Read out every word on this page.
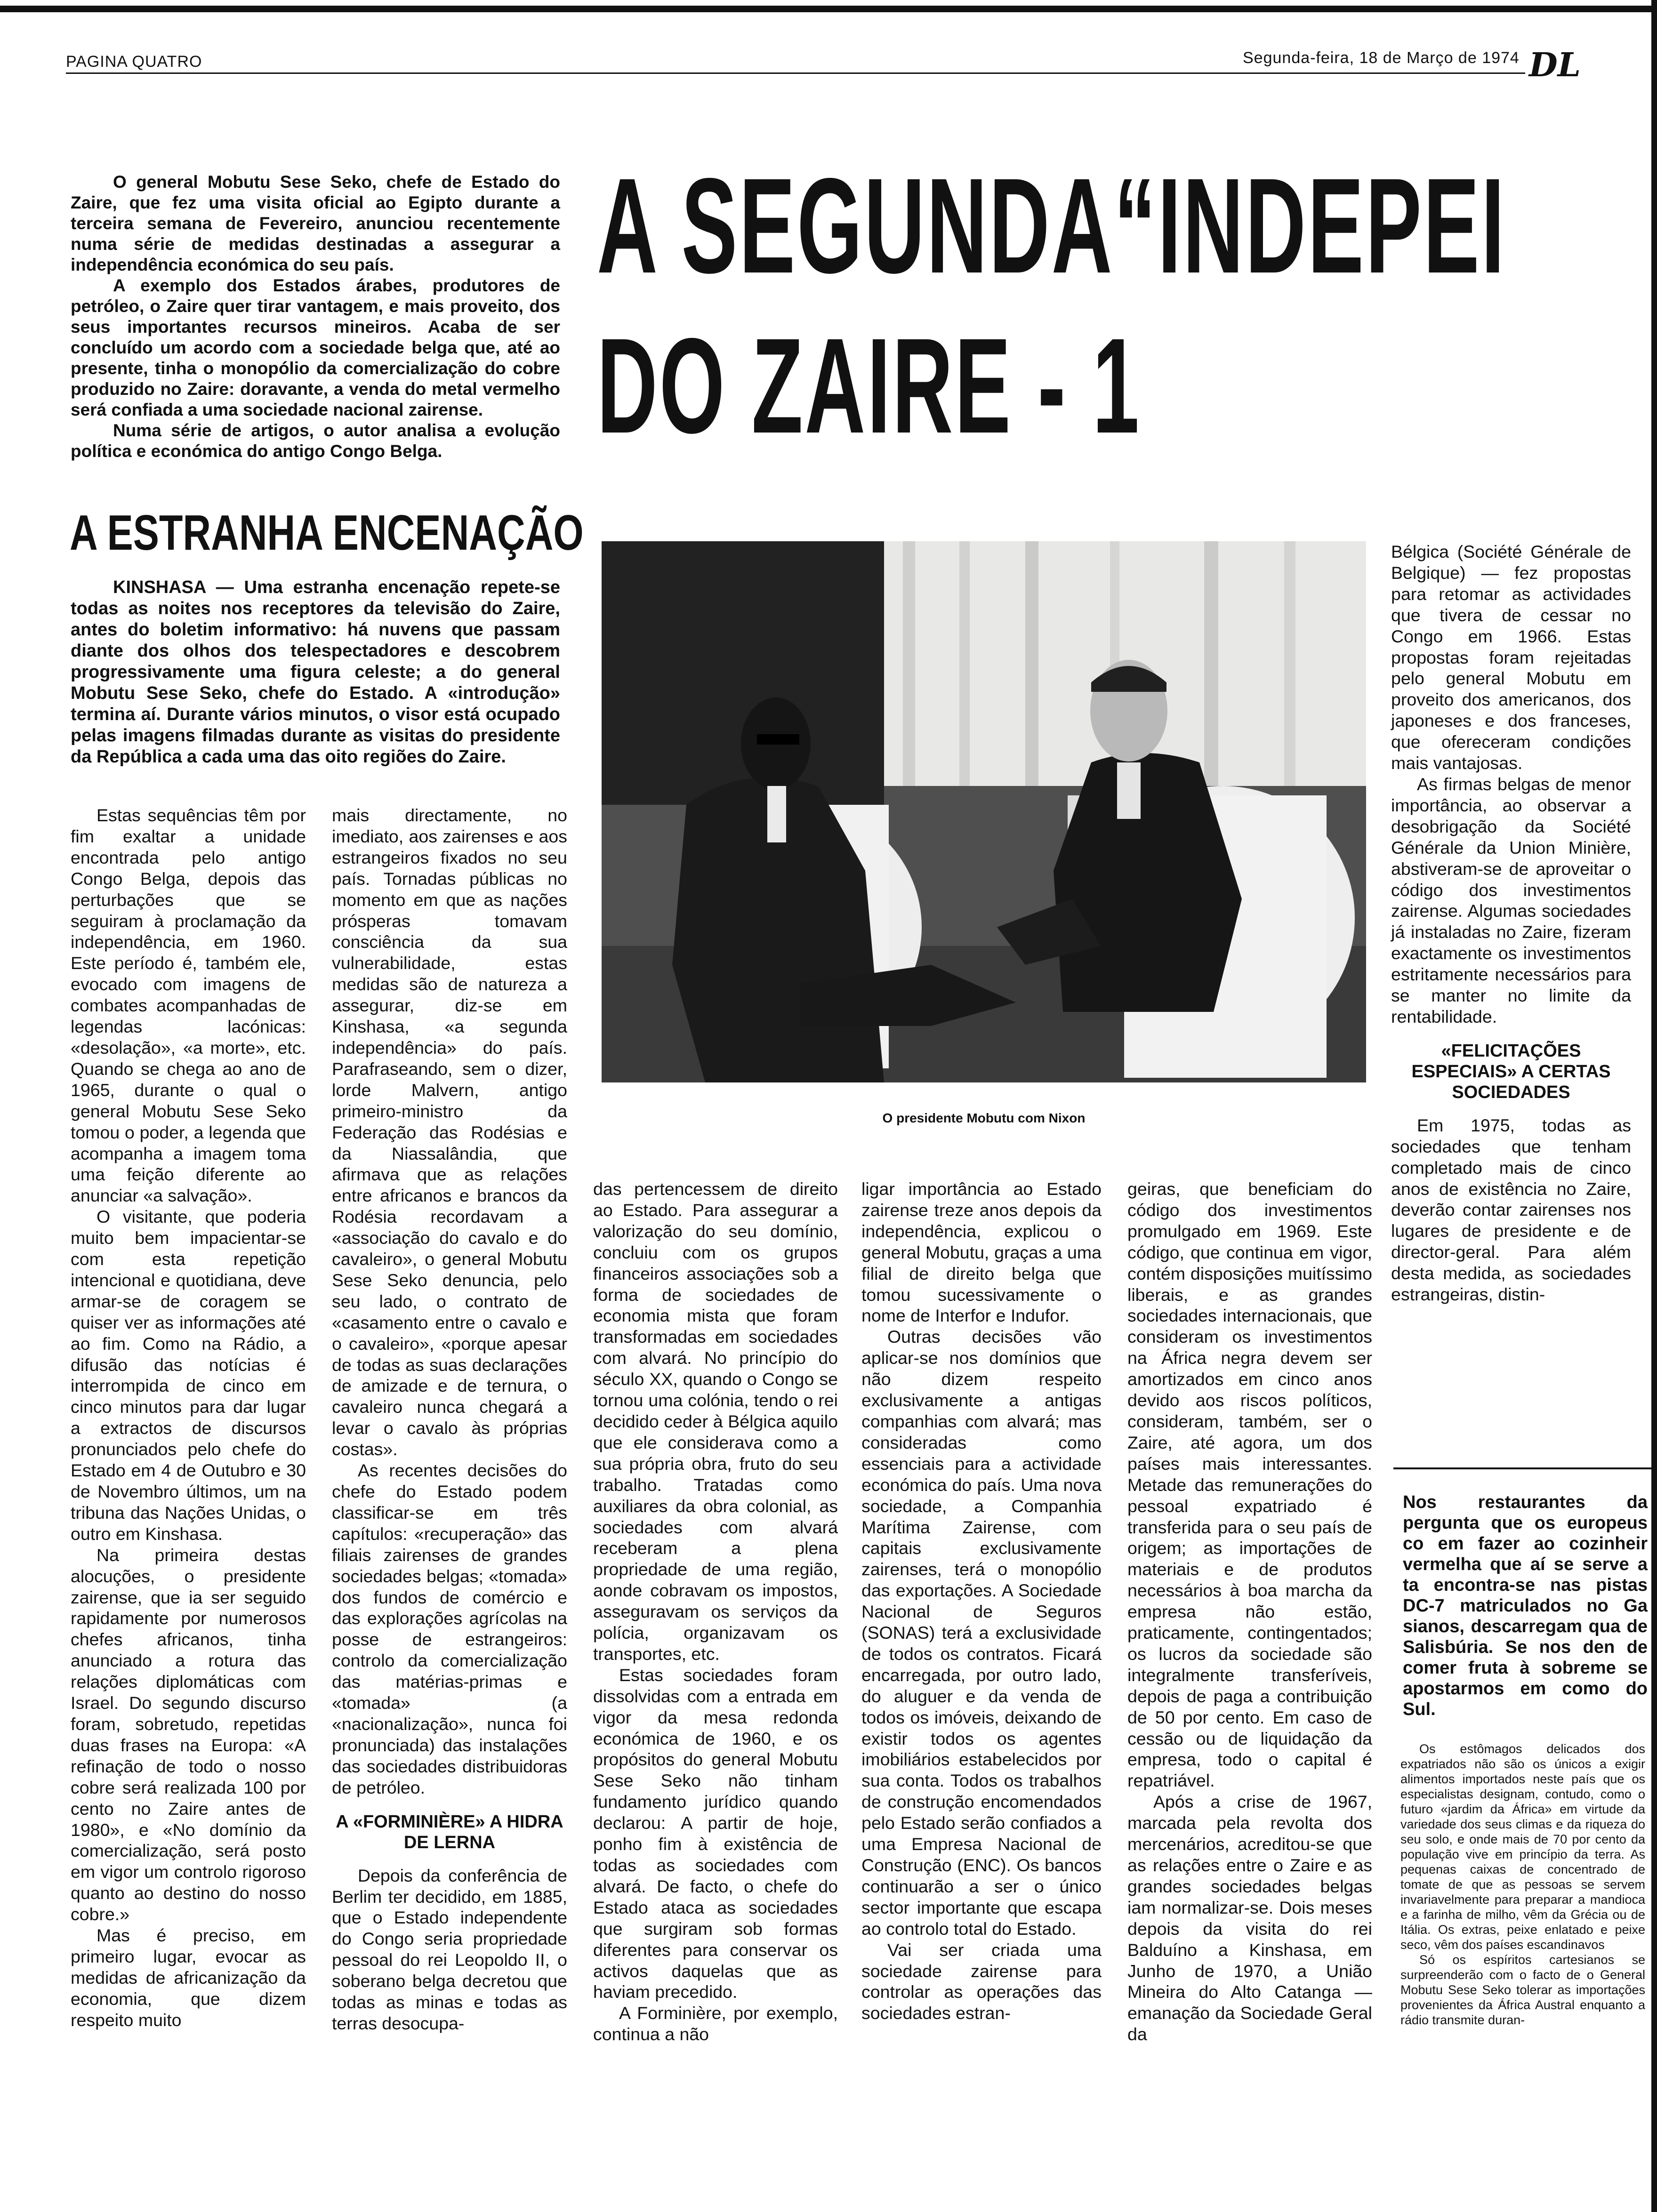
PAGINA QUATRO	Segunda-feira, 18 de Março de 1974 DL

O general Mobutu Sese Seko, chefe de Estado do Zaire, que fez uma visita oficial ao Egipto durante a terceira semana de Fevereiro, anunciou recentemente numa série de medidas destinadas a assegurar a independência económica do seu país.

A exemplo dos Estados árabes, produtores de petróleo, o Zaire quer tirar vantagem, e mais proveito, dos seus importantes recursos mineiros. Acaba de ser concluído um acordo com a sociedade belga que, até ao presente, tinha o monopólio da comercialização do cobre produzido no Zaire: doravante, a venda do metal vermelho será confiada a uma sociedade nacional zairense.

Numa série de artigos, o autor analisa a evolução política e económica do antigo Congo Belga.

A SEGUNDA“INDEPEI
DO ZAIRE - 1
A ESTRANHA ENCENAÇÃO

KINSHASA — Uma estranha encenação repete-se todas as noites nos receptores da televisão do Zaire, antes do boletim informativo: há nuvens que passam diante dos olhos dos telespectadores e descobrem progressivamente uma figura celeste; a do general Mobutu Sese Seko, chefe do Estado. A «introdução» termina aí. Durante vários minutos, o visor está ocupado pelas imagens filmadas durante as visitas do presidente da República a cada uma das oito regiões do Zaire.

O presidente Mobutu com Nixon

Estas sequências têm por fim exaltar a unidade encontrada pelo antigo Congo Belga, depois das perturbações que se seguiram à proclamação da independência, em 1960. Este período é, também ele, evocado com imagens de combates acompanhadas de legendas lacónicas: «desolação», «a morte», etc. Quando se chega ao ano de 1965, durante o qual o general Mobutu Sese Seko tomou o poder, a legenda que acompanha a imagem toma uma feição diferente ao anunciar «a salvação».

O visitante, que poderia muito bem impacientar-se com esta repetição intencional e quotidiana, deve armar-se de coragem se quiser ver as informações até ao fim. Como na Rádio, a difusão das notícias é interrompida de cinco em cinco minutos para dar lugar a extractos de discursos pronunciados pelo chefe do Estado em 4 de Outubro e 30 de Novembro últimos, um na tribuna das Nações Unidas, o outro em Kinshasa.

Na primeira destas alocuções, o presidente zairense, que ia ser seguido rapidamente por numerosos chefes africanos, tinha anunciado a rotura das relações diplomáticas com Israel. Do segundo discurso foram, sobretudo, repetidas duas frases na Europa: «A refinação de todo o nosso cobre será realizada 100 por cento no Zaire antes de 1980», e «No domínio da comercialização, será posto em vigor um controlo rigoroso quanto ao destino do nosso cobre.»

Mas é preciso, em primeiro lugar, evocar as medidas de africanização da economia, que dizem respeito muito

mais directamente, no imediato, aos zairenses e aos estrangeiros fixados no seu país. Tornadas públicas no momento em que as nações prósperas tomavam consciência da sua vulnerabilidade, estas medidas são de natureza a assegurar, diz-se em Kinshasa, «a segunda independência» do país. Parafraseando, sem o dizer, lorde Malvern, antigo primeiro-ministro da Federação das Rodésias e da Niassalândia, que afirmava que as relações entre africanos e brancos da Rodésia recordavam a «associação do cavalo e do cavaleiro», o general Mobutu Sese Seko denuncia, pelo seu lado, o contrato de «casamento entre o cavalo e o cavaleiro», «porque apesar de todas as suas declarações de amizade e de ternura, o cavaleiro nunca chegará a levar o cavalo às próprias costas».

As recentes decisões do chefe do Estado podem classificar-se em três capítulos: «recuperação» das filiais zairenses de grandes sociedades belgas; «tomada» dos fundos de comércio e das explorações agrícolas na posse de estrangeiros: controlo da comercialização das matérias-primas e «tomada» (a «nacionalização», nunca foi pronunciada) das instalações das sociedades distribuidoras de petróleo.

A «FORMINIÈRE» A HIDRA DE LERNA

Depois da conferência de Berlim ter decidido, em 1885, que o Estado independente do Congo seria propriedade pessoal do rei Leopoldo II, o soberano belga decretou que todas as minas e todas as terras desocupa-

das pertencessem de direito ao Estado. Para assegurar a valorização do seu domínio, concluiu com os grupos financeiros associações sob a forma de sociedades de economia mista que foram transformadas em sociedades com alvará. No princípio do século XX, quando o Congo se tornou uma colónia, tendo o rei decidido ceder à Bélgica aquilo que ele considerava como a sua própria obra, fruto do seu trabalho. Tratadas como auxiliares da obra colonial, as sociedades com alvará receberam a plena propriedade de uma região, aonde cobravam os impostos, asseguravam os serviços da polícia, organizavam os transportes, etc.

Estas sociedades foram dissolvidas com a entrada em vigor da mesa redonda económica de 1960, e os propósitos do general Mobutu Sese Seko não tinham fundamento jurídico quando declarou: A partir de hoje, ponho fim à existência de todas as sociedades com alvará. De facto, o chefe do Estado ataca as sociedades que surgiram sob formas diferentes para conservar os activos daquelas que as haviam precedido.

A Forminière, por exemplo, continua a não

ligar importância ao Estado zairense treze anos depois da independência, explicou o general Mobutu, graças a uma filial de direito belga que tomou sucessivamente o nome de Interfor e Indufor.

Outras decisões vão aplicar-se nos domínios que não dizem respeito exclusivamente a antigas companhias com alvará; mas consideradas como essenciais para a actividade económica do país. Uma nova sociedade, a Companhia Marítima Zairense, com capitais exclusivamente zairenses, terá o monopólio das exportações. A Sociedade Nacional de Seguros (SONAS) terá a exclusividade de todos os contratos. Ficará encarregada, por outro lado, do aluguer e da venda de todos os imóveis, deixando de existir todos os agentes imobiliários estabelecidos por sua conta. Todos os trabalhos de construção encomendados pelo Estado serão confiados a uma Empresa Nacional de Construção (ENC). Os bancos continuarão a ser o único sector importante que escapa ao controlo total do Estado.

Vai ser criada uma sociedade zairense para controlar as operações das sociedades estran-

geiras, que beneficiam do código dos investimentos promulgado em 1969. Este código, que continua em vigor, contém disposições muitíssimo liberais, e as grandes sociedades internacionais, que consideram os investimentos na África negra devem ser amortizados em cinco anos devido aos riscos políticos, consideram, também, ser o Zaire, até agora, um dos países mais interessantes. Metade das remunerações do pessoal expatriado é transferida para o seu país de origem; as importações de materiais e de produtos necessários à boa marcha da empresa não estão, praticamente, contingentados; os lucros da sociedade são integralmente transferíveis, depois de paga a contribuição de 50 por cento. Em caso de cessão ou de liquidação da empresa, todo o capital é repatriável.

Após a crise de 1967, marcada pela revolta dos mercenários, acreditou-se que as relações entre o Zaire e as grandes sociedades belgas iam normalizar-se. Dois meses depois da visita do rei Balduíno a Kinshasa, em Junho de 1970, a União Mineira do Alto Catanga — emanação da Sociedade Geral da

Bélgica (Société Générale de Belgique) — fez propostas para retomar as actividades que tivera de cessar no Congo em 1966. Estas propostas foram rejeitadas pelo general Mobutu em proveito dos americanos, dos japoneses e dos franceses, que ofereceram condições mais vantajosas.

As firmas belgas de menor importância, ao observar a desobrigação da Société Générale da Union Minière, abstiveram-se de aproveitar o código dos investimentos zairense. Algumas sociedades já instaladas no Zaire, fizeram exactamente os investimentos estritamente necessários para se manter no limite da rentabilidade.

«FELICITAÇÕES ESPECIAIS» A CERTAS SOCIEDADES

Em 1975, todas as sociedades que tenham completado mais de cinco anos de existência no Zaire, deverão contar zairenses nos lugares de presidente e de director-geral. Para além desta medida, as sociedades estrangeiras, distin-

Nos restaurantes da pergunta que os europeus co em fazer ao cozinheir vermelha que aí se serve a ta encontra-se nas pistas DC-7 matriculados no Ga sianos, descarregam qua de Salisbúria. Se nos den de comer fruta à sobreme se apostarmos em como do Sul.

Os estômagos delicados dos expatriados não são os únicos a exigir alimentos importados neste país que os especialistas designam, contudo, como o futuro «jardim da África» em virtude da variedade dos seus climas e da riqueza do seu solo, e onde mais de 70 por cento da população vive em princípio da terra. As pequenas caixas de concentrado de tomate de que as pessoas se servem invariavelmente para preparar a mandioca e a farinha de milho, vêm da Grécia ou de Itália. Os extras, peixe enlatado e peixe seco, vêm dos países escandinavos

Só os espíritos cartesianos se surpreenderão com o facto de o General Mobutu Sese Seko tolerar as importações provenientes da África Austral enquanto a rádio transmite duran-
